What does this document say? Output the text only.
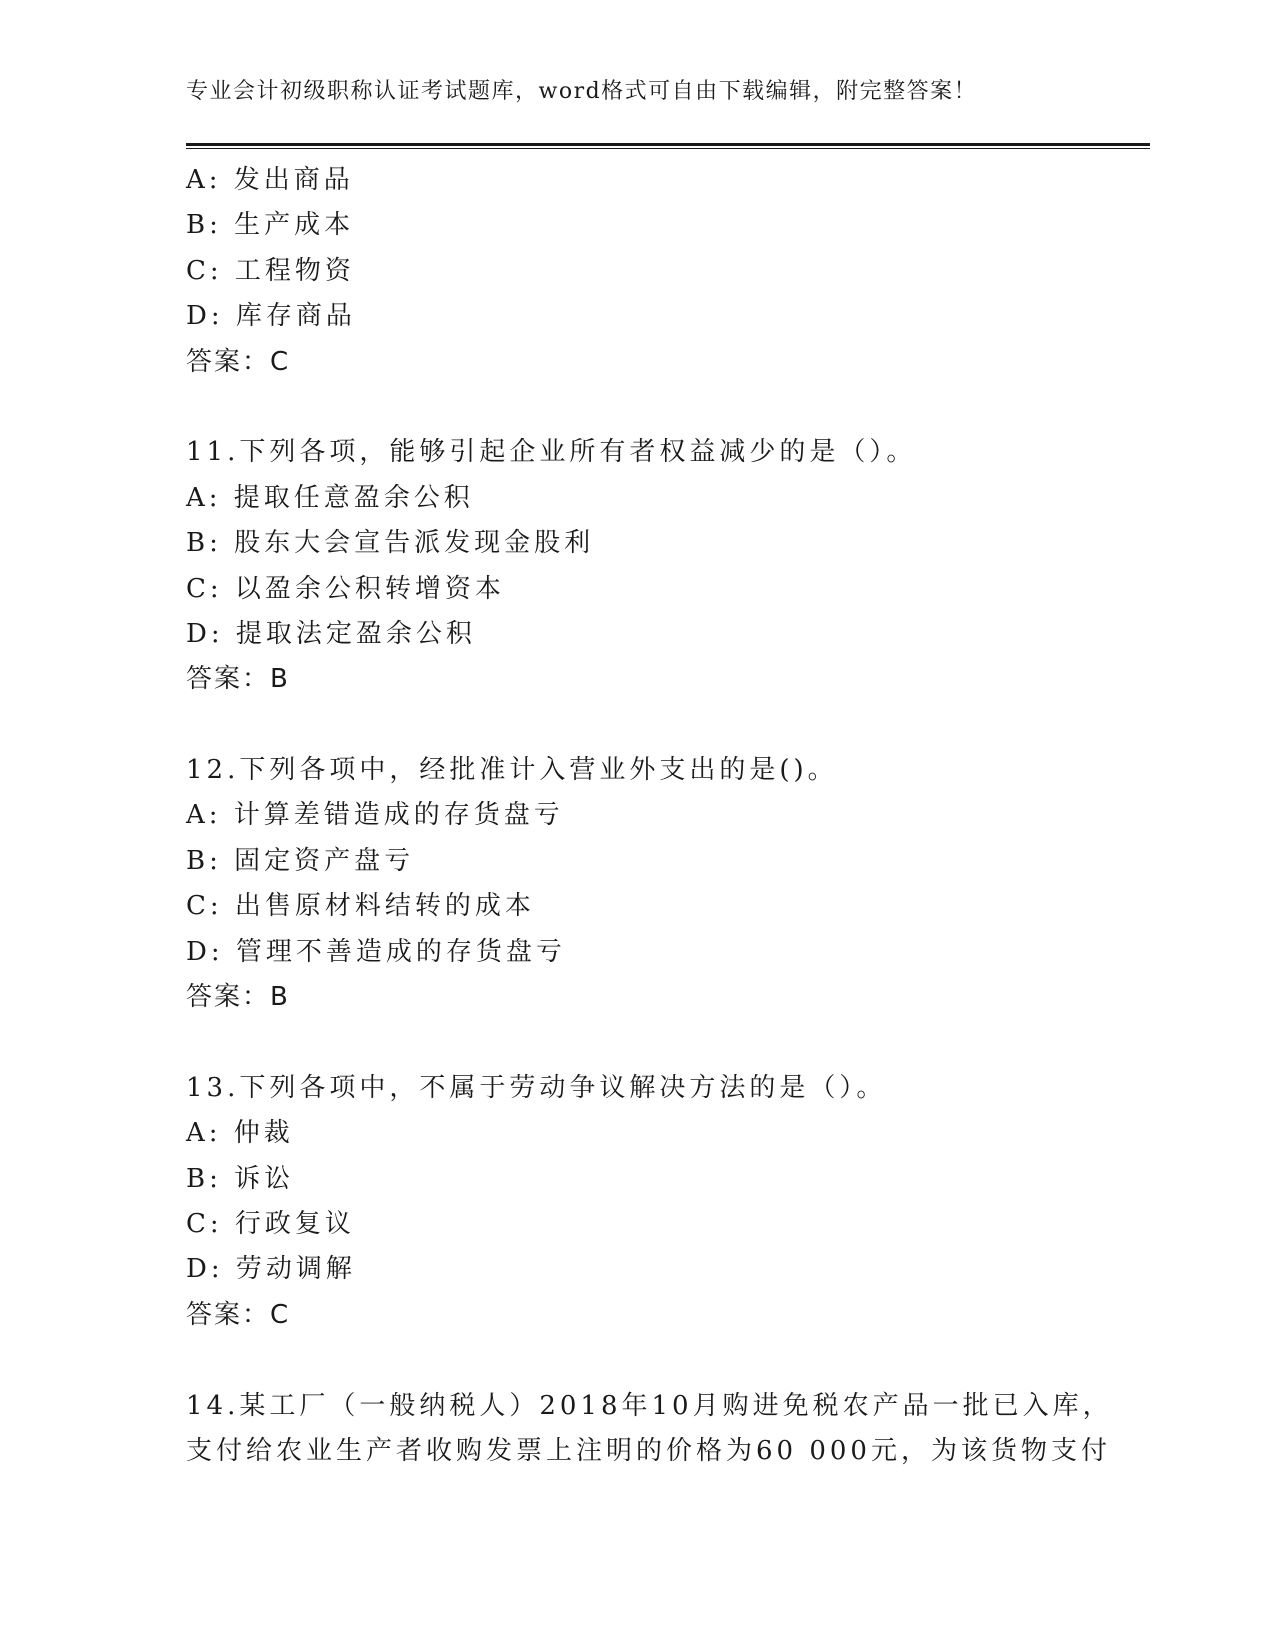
专业会计初级职称认证考试题库，word格式可自由下载编辑，附完整答案！
A: 发出商品
B: 生产成本
C: 工程物资
D: 库存商品
答案：C
11.下列各项，能够引起企业所有者权益减少的是（）。
A: 提取任意盈余公积
B: 股东大会宣告派发现金股利
C: 以盈余公积转增资本
D: 提取法定盈余公积
答案：B
12.下列各项中，经批准计入营业外支出的是()。
A: 计算差错造成的存货盘亏
B: 固定资产盘亏
C: 出售原材料结转的成本
D: 管理不善造成的存货盘亏
答案：B
13.下列各项中，不属于劳动争议解决方法的是（）。
A: 仲裁
B: 诉讼
C: 行政复议
D: 劳动调解
答案：C
14.某工厂（一般纳税人）2018年10月购进免税农产品一批已入库，
支付给农业生产者收购发票上注明的价格为60 000元，为该货物支付
